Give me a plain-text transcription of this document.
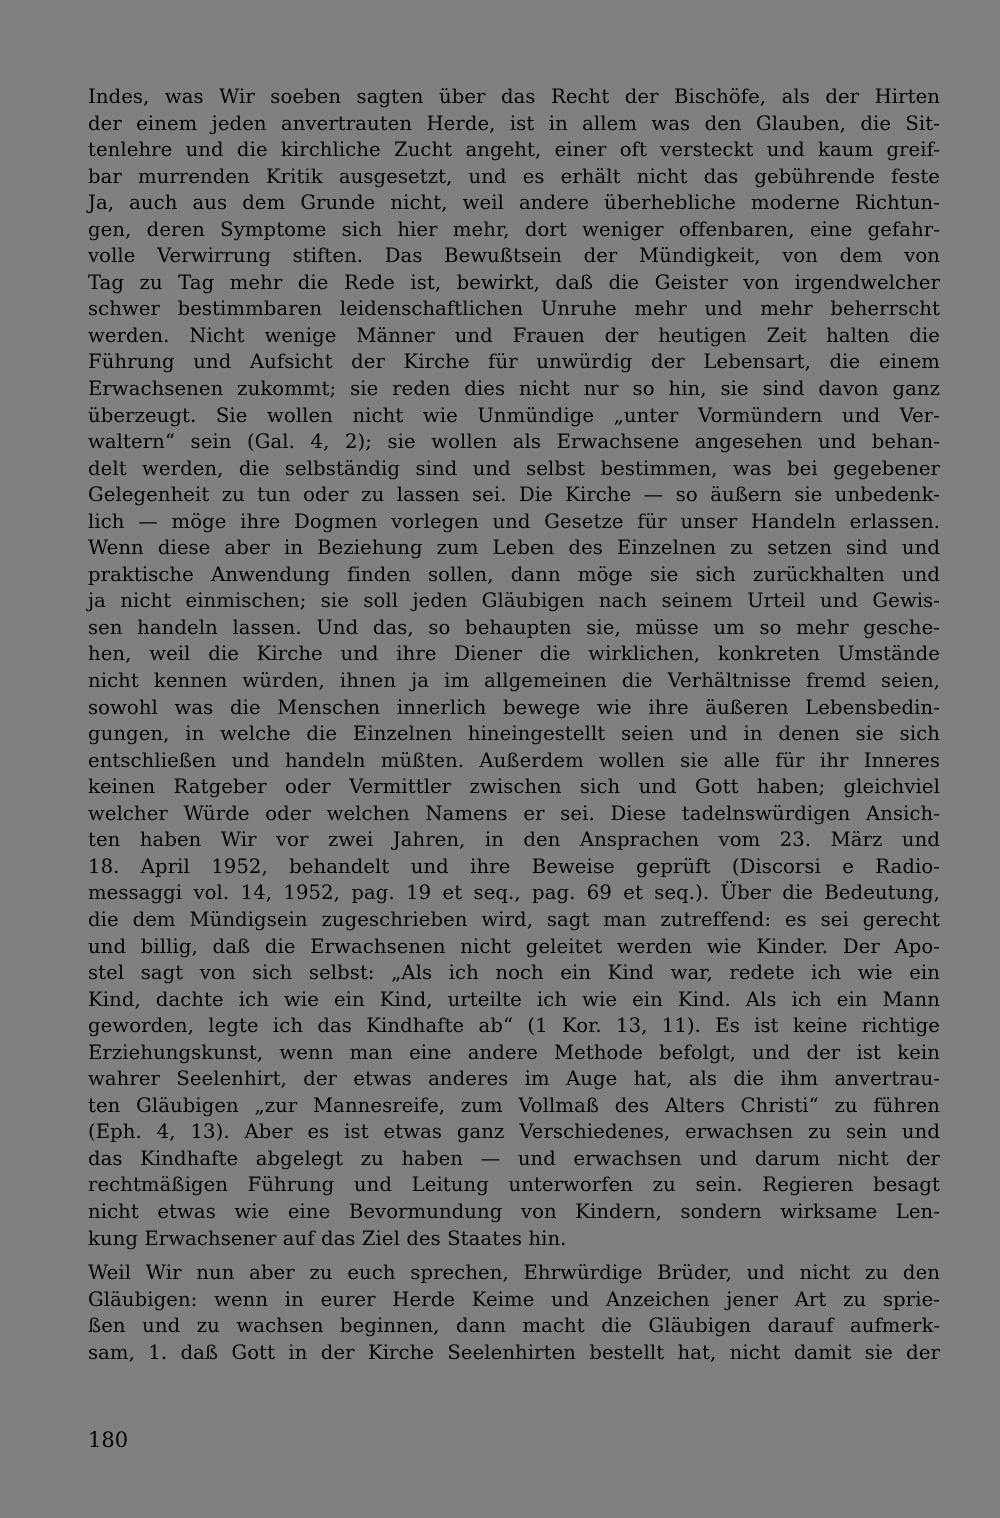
Indes, was Wir soeben sagten über das Recht der Bischöfe, als der Hirten
der einem jeden anvertrauten Herde, ist in allem was den Glauben, die Sit-
tenlehre und die kirchliche Zucht angeht, einer oft versteckt und kaum greif-
bar murrenden Kritik ausgesetzt, und es erhält nicht das gebührende feste
Ja, auch aus dem Grunde nicht, weil andere überhebliche moderne Richtun-
gen, deren Symptome sich hier mehr, dort weniger offenbaren, eine gefahr-
volle Verwirrung stiften. Das Bewußtsein der Mündigkeit, von dem von
Tag zu Tag mehr die Rede ist, bewirkt, daß die Geister von irgendwelcher
schwer bestimmbaren leidenschaftlichen Unruhe mehr und mehr beherrscht
werden. Nicht wenige Männer und Frauen der heutigen Zeit halten die
Führung und Aufsicht der Kirche für unwürdig der Lebensart, die einem
Erwachsenen zukommt; sie reden dies nicht nur so hin, sie sind davon ganz
überzeugt. Sie wollen nicht wie Unmündige „unter Vormündern und Ver-
waltern“ sein (Gal. 4, 2); sie wollen als Erwachsene angesehen und behan-
delt werden, die selbständig sind und selbst bestimmen, was bei gegebener
Gelegenheit zu tun oder zu lassen sei. Die Kirche — so äußern sie unbedenk-
lich — möge ihre Dogmen vorlegen und Gesetze für unser Handeln erlassen.
Wenn diese aber in Beziehung zum Leben des Einzelnen zu setzen sind und
praktische Anwendung finden sollen, dann möge sie sich zurückhalten und
ja nicht einmischen; sie soll jeden Gläubigen nach seinem Urteil und Gewis-
sen handeln lassen. Und das, so behaupten sie, müsse um so mehr gesche-
hen, weil die Kirche und ihre Diener die wirklichen, konkreten Umstände
nicht kennen würden, ihnen ja im allgemeinen die Verhältnisse fremd seien,
sowohl was die Menschen innerlich bewege wie ihre äußeren Lebensbedin-
gungen, in welche die Einzelnen hineingestellt seien und in denen sie sich
entschließen und handeln müßten. Außerdem wollen sie alle für ihr Inneres
keinen Ratgeber oder Vermittler zwischen sich und Gott haben; gleichviel
welcher Würde oder welchen Namens er sei. Diese tadelnswürdigen Ansich-
ten haben Wir vor zwei Jahren, in den Ansprachen vom 23. März und
18. April 1952, behandelt und ihre Beweise geprüft (Discorsi e Radio-
messaggi vol. 14, 1952, pag. 19 et seq., pag. 69 et seq.). Über die Bedeutung,
die dem Mündigsein zugeschrieben wird, sagt man zutreffend: es sei gerecht
und billig, daß die Erwachsenen nicht geleitet werden wie Kinder. Der Apo-
stel sagt von sich selbst: „Als ich noch ein Kind war, redete ich wie ein
Kind, dachte ich wie ein Kind, urteilte ich wie ein Kind. Als ich ein Mann
geworden, legte ich das Kindhafte ab“ (1 Kor. 13, 11). Es ist keine richtige
Erziehungskunst, wenn man eine andere Methode befolgt, und der ist kein
wahrer Seelenhirt, der etwas anderes im Auge hat, als die ihm anvertrau-
ten Gläubigen „zur Mannesreife, zum Vollmaß des Alters Christi“ zu führen
(Eph. 4, 13). Aber es ist etwas ganz Verschiedenes, erwachsen zu sein und
das Kindhafte abgelegt zu haben — und erwachsen und darum nicht der
rechtmäßigen Führung und Leitung unterworfen zu sein. Regieren besagt
nicht etwas wie eine Bevormundung von Kindern, sondern wirksame Len-
kung Erwachsener auf das Ziel des Staates hin.
Weil Wir nun aber zu euch sprechen, Ehrwürdige Brüder, und nicht zu den
Gläubigen: wenn in eurer Herde Keime und Anzeichen jener Art zu sprie-
ßen und zu wachsen beginnen, dann macht die Gläubigen darauf aufmerk-
sam, 1. daß Gott in der Kirche Seelenhirten bestellt hat, nicht damit sie der
180
